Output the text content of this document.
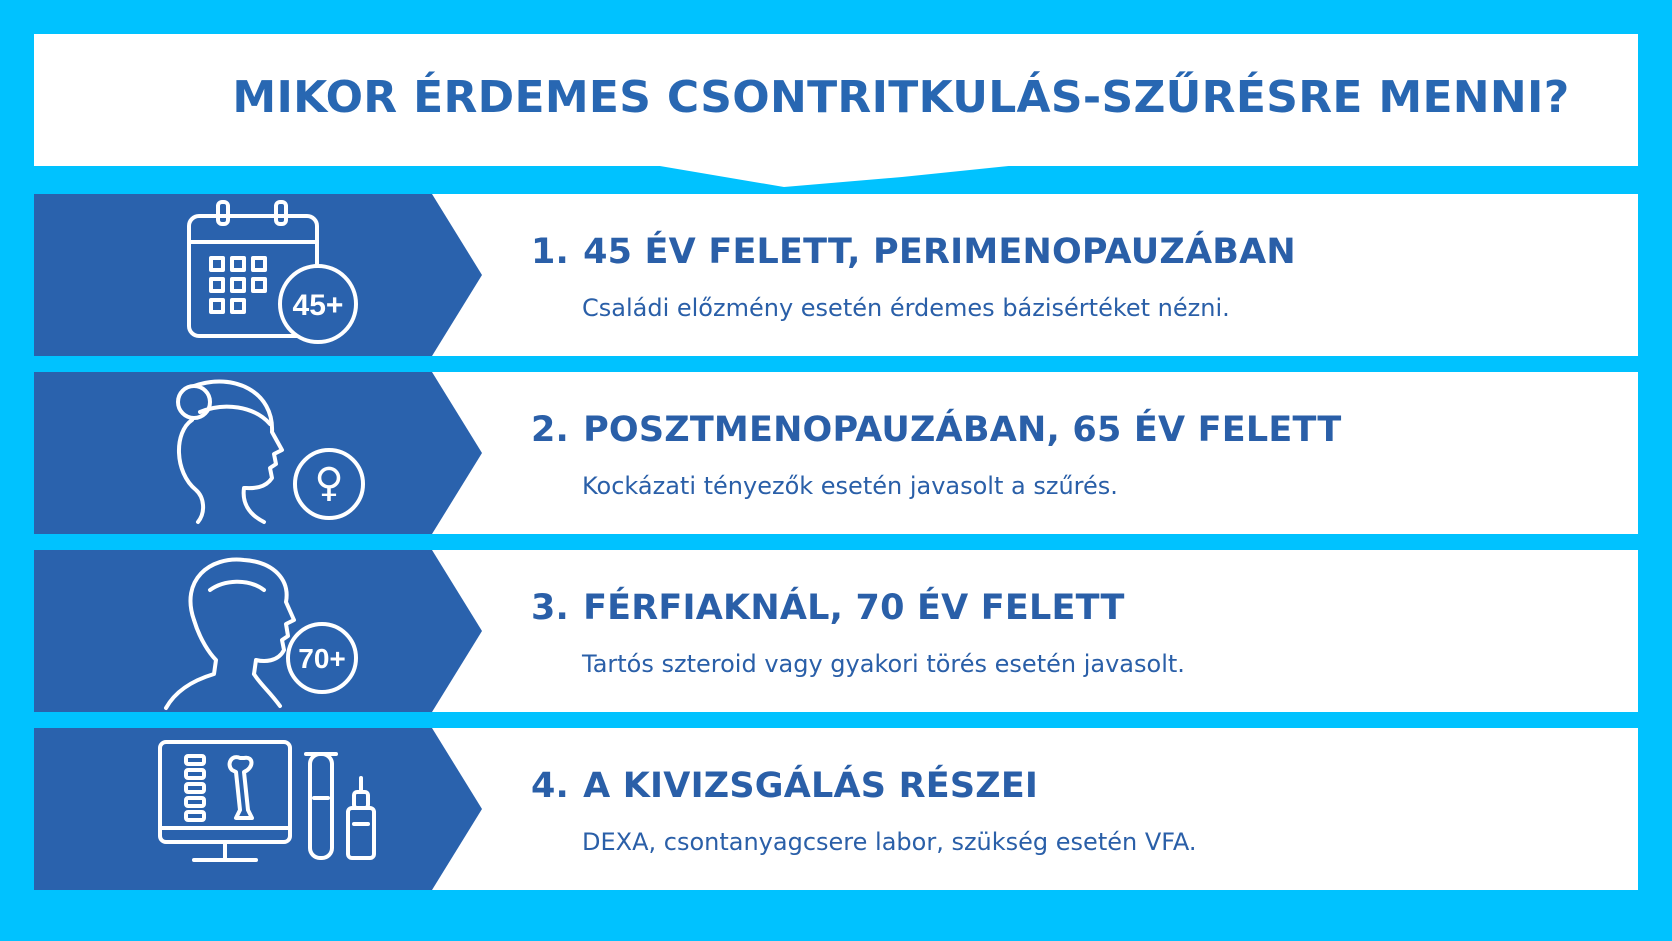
MIKOR ÉRDEMES CSONTRITKULÁS-SZŰRÉSRE MENNI?
45+
1. 45 ÉV FELETT, PERIMENOPAUZÁBAN
Családi előzmény esetén érdemes bázisértéket nézni.
♀
2. POSZTMENOPAUZÁBAN, 65 ÉV FELETT
Kockázati tényezők esetén javasolt a szűrés.
70+
3. FÉRFIAKNÁL, 70 ÉV FELETT
Tartós szteroid vagy gyakori törés esetén javasolt.
4. A KIVIZSGÁLÁS RÉSZEI
DEXA, csontanyagcsere labor, szükség esetén VFA.
